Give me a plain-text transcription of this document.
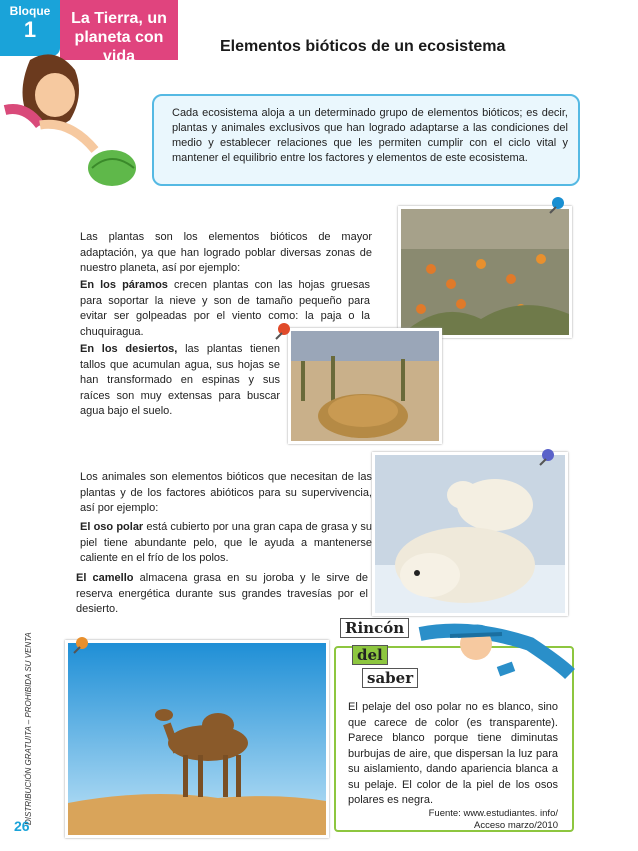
Bloque
1	La Tierra, un
planeta con vida
Elementos bióticos de un ecosistema
Cada ecosistema aloja a un determinado grupo de elementos bióticos; es decir, plantas y animales exclusivos que han logrado adaptarse a las condiciones del medio y establecer relaciones que les permiten cumplir con el ciclo vital y mantener el equilibrio entre los factores y elementos de este ecosistema.
Las plantas son los elementos bióticos de mayor adaptación, ya que han logrado poblar diversas zonas de nuestro planeta, así por ejemplo:
En los páramos crecen plantas con las hojas gruesas para soportar la nieve y son de tamaño pequeño para evitar ser golpeadas por el viento como: la paja o la chuquiragua.
En los desiertos, las plantas tienen tallos que acumulan agua, sus hojas se han transformado en espinas y sus raíces son muy extensas para buscar agua bajo el suelo.
Los animales son elementos bióticos que necesitan de las plantas y de los factores abióticos para su supervivencia, así por ejemplo:
El oso polar está cubierto por una gran capa de grasa y su piel tiene abundante pelo, que le ayuda a mantenerse caliente en el frío de los polos.
El camello almacena grasa en su joroba y le sirve de reserva energética durante sus grandes travesías por el desierto.
Rincón
del
saber
El pelaje del oso polar no es blanco, sino que carece de color (es transparente). Parece blanco porque tiene diminutas burbujas de aire, que dispersan la luz para su aislamiento, dando apariencia blanca a su pelaje. El color de la piel de los osos polares es negra.
Fuente: www.estudiantes. info/
Acceso marzo/2010
DISTRIBUCIÓN GRATUITA – PROHIBIDA SU VENTA
26
